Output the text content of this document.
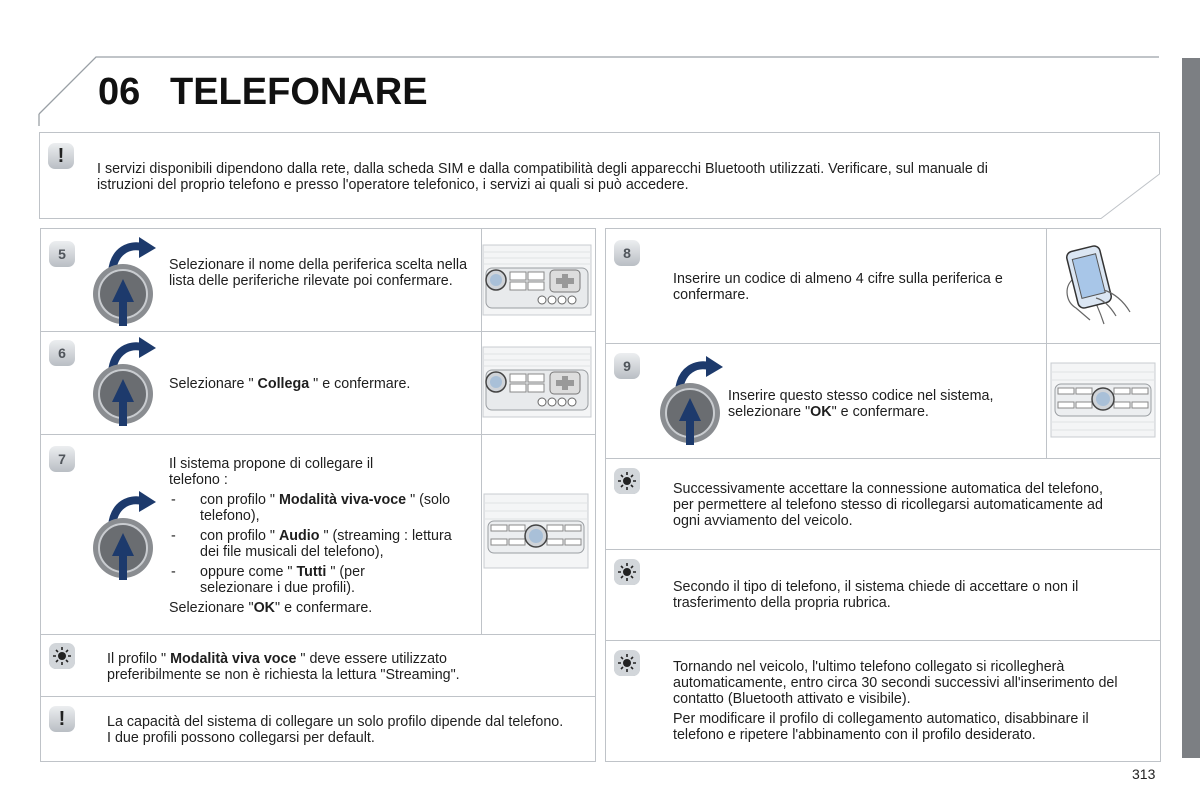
06 TELEFONARE
!
I servizi disponibili dipendono dalla rete, dalla scheda SIM e dalla compatibilità degli apparecchi Bluetooth utilizzati. Verificare, sul manuale di istruzioni del proprio telefono e presso l'operatore telefonico, i servizi ai quali si può accedere.
5
Selezionare il nome della periferica scelta nella lista delle periferiche rilevate poi confermare.
6
Selezionare " Collega " e confermare.
7	Il sistema propone di collegare il telefono :

- con profilo " Modalità viva-voce " (solo telefono),
- con profilo " Audio " (streaming : lettura dei file musicali del telefono),
- oppure come " Tutti " (per selezionare i due profili).

Selezionare "OK" e confermare.

Il profilo " Modalità viva voce " deve essere utilizzato preferibilmente se non è richiesta la lettura "Streaming".
!	La capacità del sistema di collegare un solo profilo dipende dal telefono. I due profili possono collegarsi per default.
8
Inserire un codice di almeno 4 cifre sulla periferica e confermare.
9
Inserire questo stesso codice nel sistema, selezionare "OK" e confermare.
Successivamente accettare la connessione automatica del telefono, per permettere al telefono stesso di ricollegarsi automaticamente ad ogni avviamento del veicolo.
Secondo il tipo di telefono, il sistema chiede di accettare o non il trasferimento della propria rubrica.

Tornando nel veicolo, l'ultimo telefono collegato si ricollegherà automaticamente, entro circa 30 secondi successivi all'inserimento del contatto (Bluetooth attivato e visibile).

Per modificare il profilo di collegamento automatico, disabbinare il telefono e ripetere l'abbinamento con il profilo desiderato.

313
